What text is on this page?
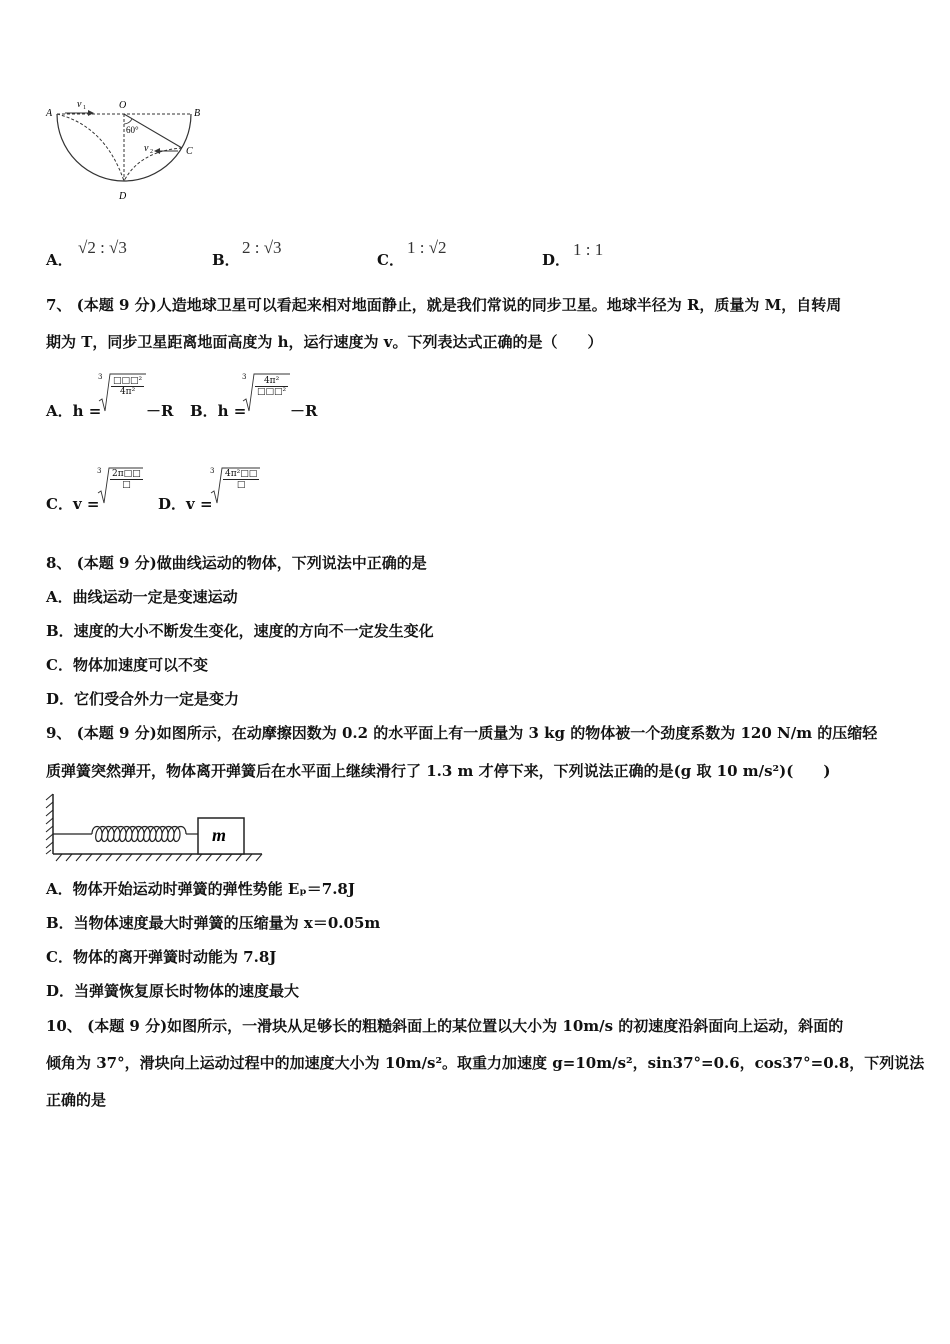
A
O
B
C
D
v 1
v 2
60°
A．
√2 : √3
B．
2 : √3
C．
1 : √2
D．
1 : 1
7、 (本题 9 分)人造地球卫星可以看起来相对地面静止，就是我们常说的同步卫星。地球半径为 R，质量为 M，自转周
期为 T，同步卫星距离地面高度为 h，运行速度为 v。下列表达式正确的是（　　）
A．h =
3 □□□²
4π²
－R B．h =
3	4π²
□□□²
－R
C．v =
3 2π□□
□
D．v =
3 4π²□□
□
8、 (本题 9 分)做曲线运动的物体，下列说法中正确的是
A．曲线运动一定是变速运动
B．速度的大小不断发生变化，速度的方向不一定发生变化
C．物体加速度可以不变
D．它们受合外力一定是变力
9、 (本题 9 分)如图所示，在动摩擦因数为 0.2 的水平面上有一质量为 3 kg 的物体被一个劲度系数为 120 N/m 的压缩轻
质弹簧突然弹开，物体离开弹簧后在水平面上继续滑行了 1.3 m 才停下来，下列说法正确的是(g 取 10 m/s²)(　　)
m
A．物体开始运动时弹簧的弹性势能 Eₚ＝7.8J
B．当物体速度最大时弹簧的压缩量为 x＝0.05m
C．物体的离开弹簧时动能为 7.8J
D．当弹簧恢复原长时物体的速度最大
10、 (本题 9 分)如图所示，一滑块从足够长的粗糙斜面上的某位置以大小为 10m/s 的初速度沿斜面向上运动，斜面的
倾角为 37°，滑块向上运动过程中的加速度大小为 10m/s²。取重力加速度 g=10m/s²，sin37°=0.6，cos37°=0.8，下列说法
正确的是
